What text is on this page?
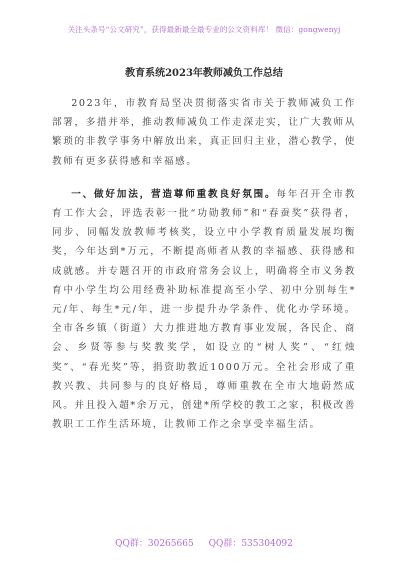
关注头条号“公文研究”，获得最新最全最专业的公文资料库！ 微信：gongwenyj
教育系统2023年教师减负工作总结

2023年，市教育局坚决贯彻落实省市关于教师减负工作部署，多措并举，推动教师减负工作走深走实，让广大教师从繁琐的非教学事务中解放出来，真正回归主业，潜心教学，使教师有更多获得感和幸福感。

一、做好加法，营造尊师重教良好氛围。每年召开全市教育工作大会，评选表彰一批“功勋教师”和“春蚕奖”获得者，同步、同幅发放教师考核奖，设立中小学教育质量发展均衡奖，今年达到*万元，不断提高师者从教的幸福感、获得感和成就感。并专题召开的市政府常务会议上，明确将全市义务教育中小学生均公用经费补助标准提高至小学、初中分别每生*元/年、每生*元/年，进一步提升办学条件、优化办学环境。全市各乡镇（街道）大力推进地方教育事业发展，各民企、商会、乡贤等参与奖教奖学，如设立的“树人奖”、“红烛奖”、“春光奖”等，捐资助教近1000万元。全社会形成了重教兴教、共同参与的良好格局，尊师重教在全市大地蔚然成风。并且投入超*余万元，创建*所学校的教工之家，积极改善教职工工作生活环境，让教师工作之余享受幸福生活。

QQ群：30265665 QQ群：535304092
